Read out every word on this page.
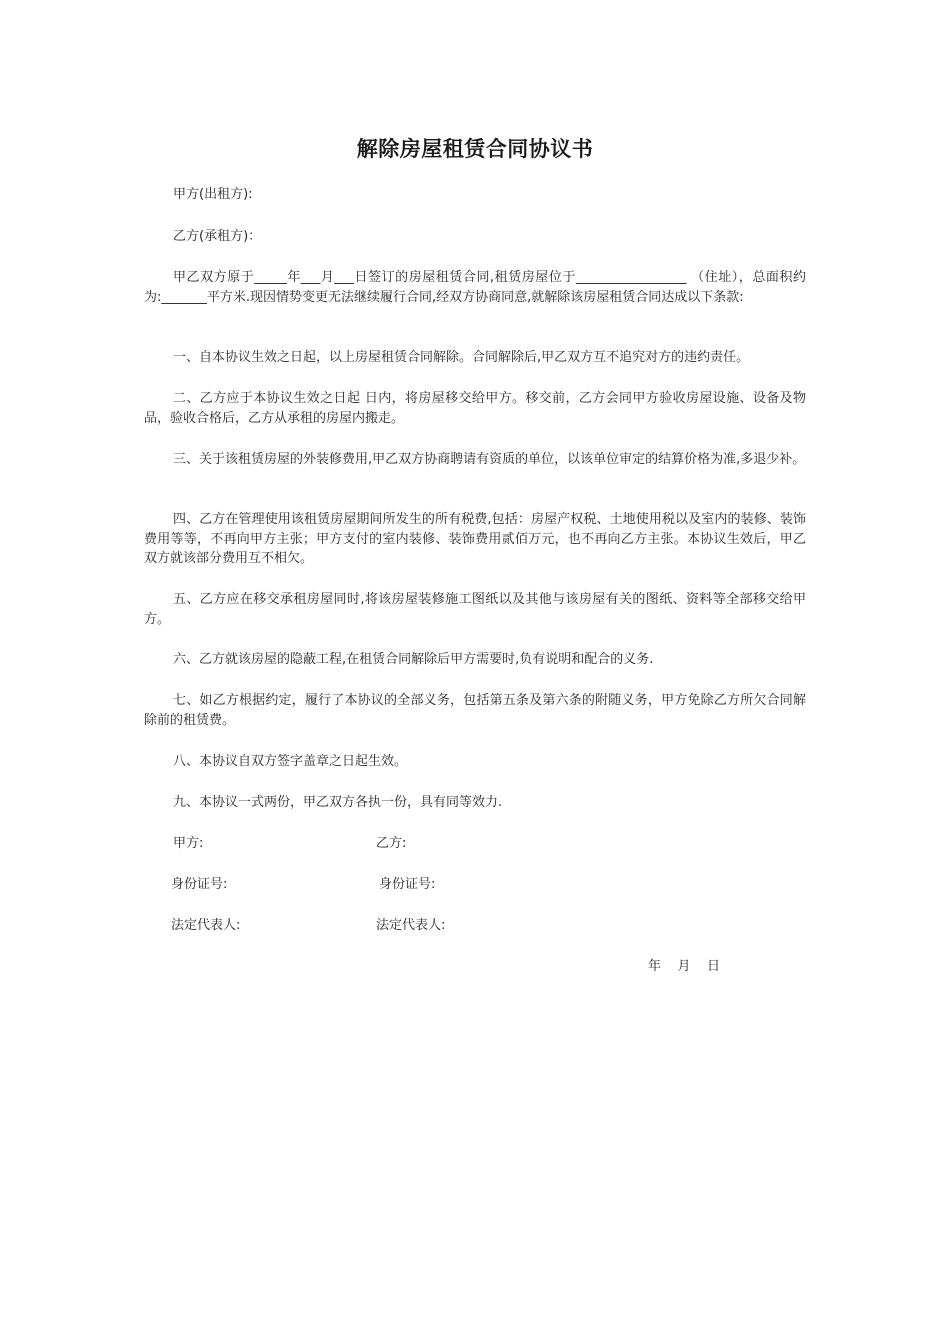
解除房屋租赁合同协议书
甲方(出租方):
乙方(承租方)：
甲乙双方原于_____年___月___日签订的房屋租赁合同,租赁房屋位于_________________ （住址），总面积约为:_______平方米.现因情势变更无法继续履行合同,经双方协商同意,就解除该房屋租赁合同达成以下条款:
一、自本协议生效之日起，以上房屋租赁合同解除。合同解除后,甲乙双方互不追究对方的违约责任。
二、乙方应于本协议生效之日起 日内，将房屋移交给甲方。移交前，乙方会同甲方验收房屋设施、设备及物品，验收合格后，乙方从承租的房屋内搬走。
三、关于该租赁房屋的外装修费用,甲乙双方协商聘请有资质的单位，以该单位审定的结算价格为准,多退少补。
四、乙方在管理使用该租赁房屋期间所发生的所有税费,包括：房屋产权税、土地使用税以及室内的装修、装饰费用等等，不再向甲方主张；甲方支付的室内装修、装饰费用贰佰万元，也不再向乙方主张。本协议生效后，甲乙双方就该部分费用互不相欠。
五、乙方应在移交承租房屋同时,将该房屋装修施工图纸以及其他与该房屋有关的图纸、资料等全部移交给甲方。
六、乙方就该房屋的隐蔽工程,在租赁合同解除后甲方需要时,负有说明和配合的义务.
七、如乙方根据约定，履行了本协议的全部义务，包括第五条及第六条的附随义务，甲方免除乙方所欠合同解除前的租赁费。
八、本协议自双方签字盖章之日起生效。
九、本协议一式两份，甲乙双方各执一份，具有同等效力.
甲方:	乙方:
身份证号:	身份证号:
法定代表人:	法定代表人:
年    月    日
